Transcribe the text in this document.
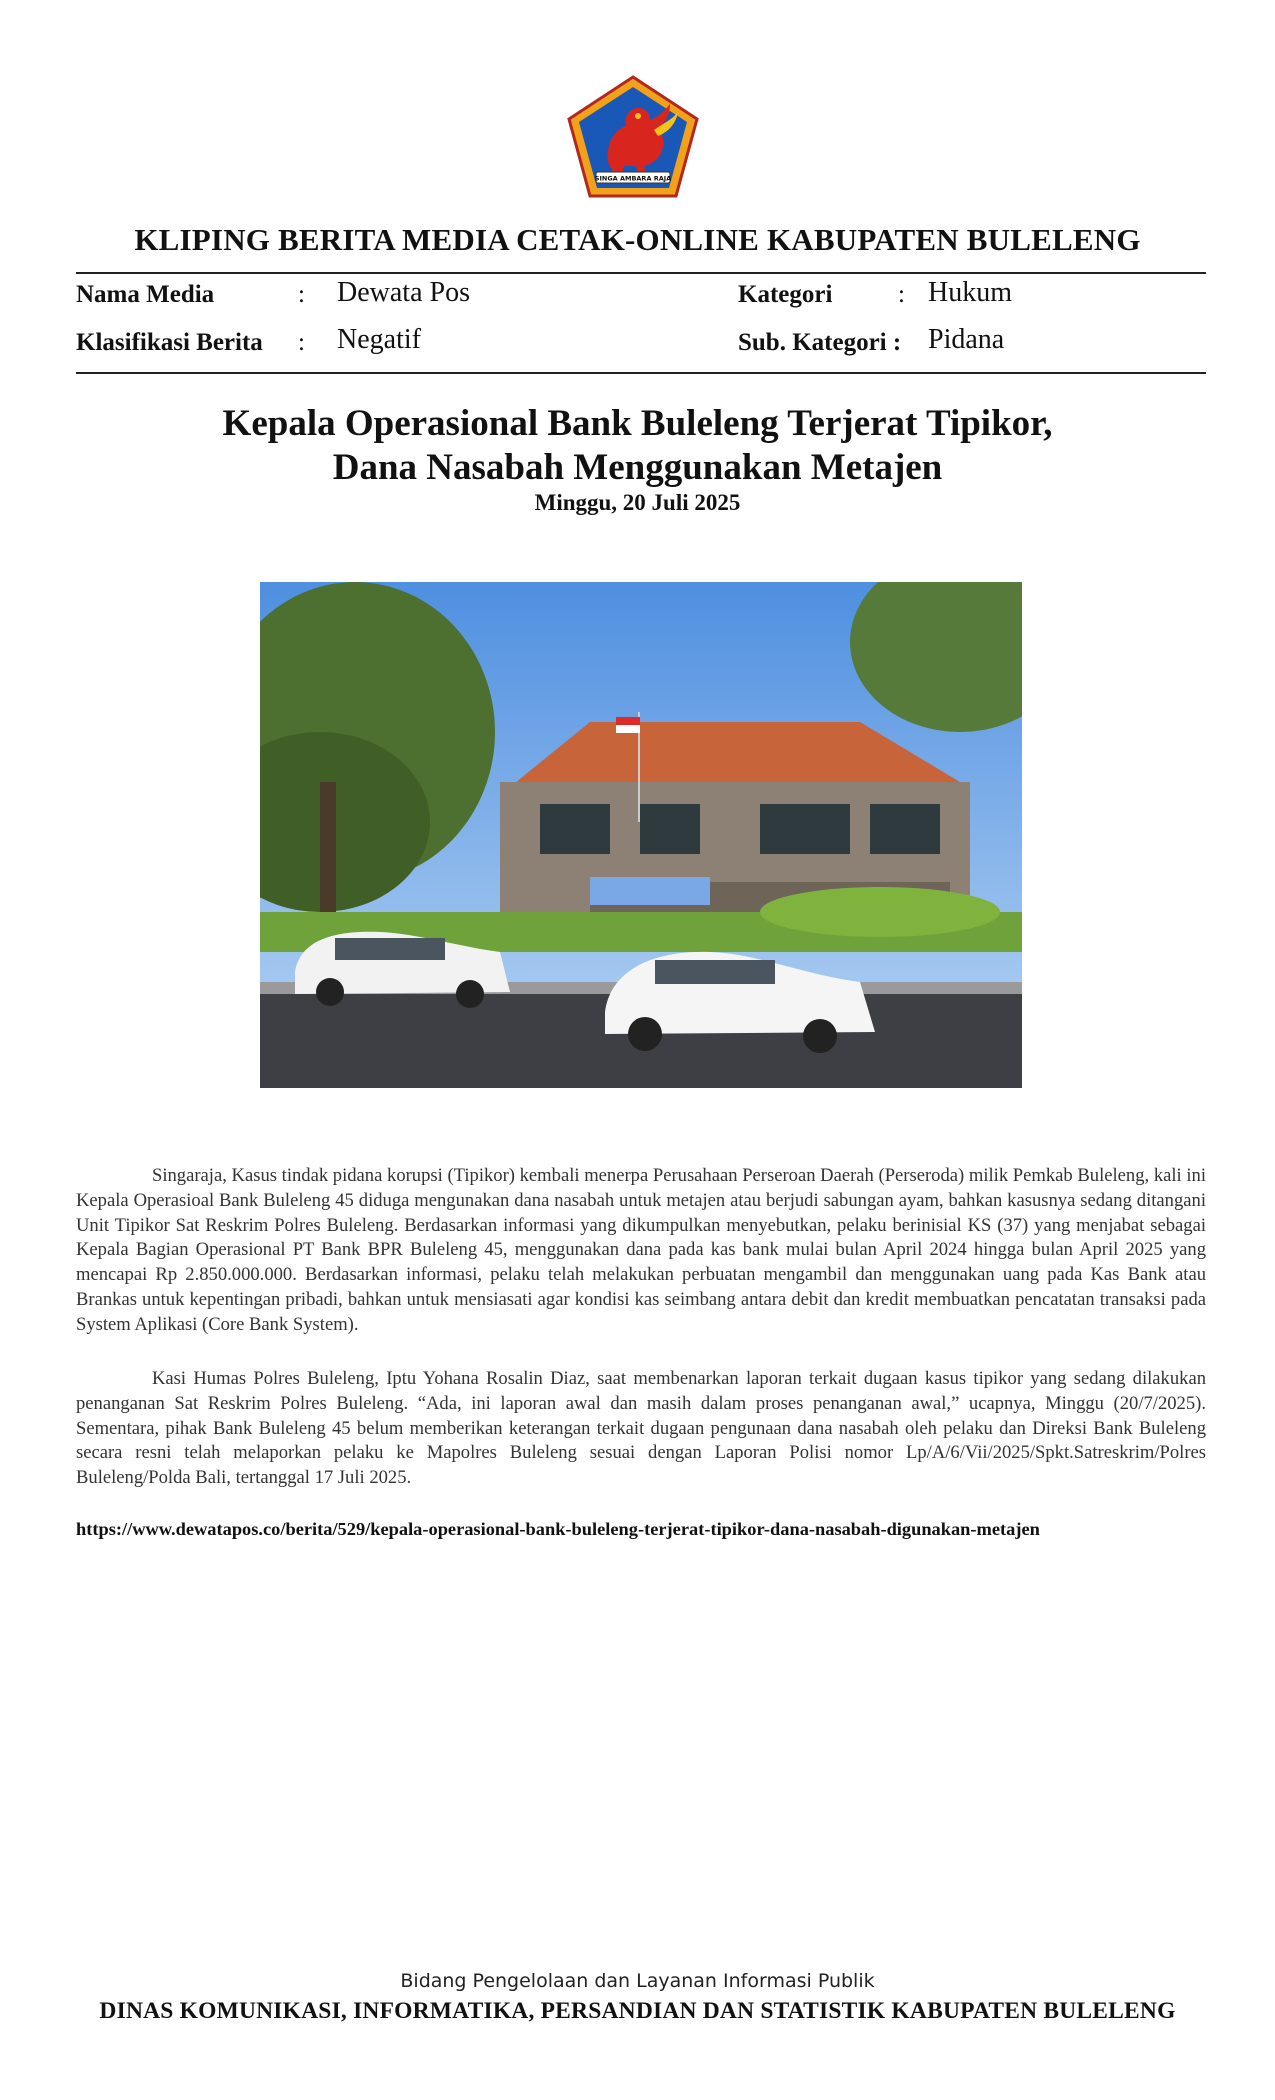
SINGA AMBARA RAJA
KLIPING BERITA MEDIA CETAK-ONLINE KABUPATEN BULELENG
Nama Media	: Dewata Pos	Kategori	: Hukum
Klasifikasi Berita : Negatif	Sub. Kategori : Pidana
Kepala Operasional Bank Buleleng Terjerat Tipikor,
Dana Nasabah Menggunakan Metajen
Minggu, 20 Juli 2025
Singaraja, Kasus tindak pidana korupsi (Tipikor) kembali menerpa Perusahaan Perseroan Daerah (Perseroda) milik Pemkab Buleleng, kali ini Kepala Operasioal Bank Buleleng 45 diduga mengunakan dana nasabah untuk metajen atau berjudi sabungan ayam, bahkan kasusnya sedang ditangani Unit Tipikor Sat Reskrim Polres Buleleng. Berdasarkan informasi yang dikumpulkan menyebutkan, pelaku berinisial KS (37) yang menjabat sebagai Kepala Bagian Operasional PT Bank BPR Buleleng 45, menggunakan dana pada kas bank mulai bulan April 2024 hingga bulan April 2025 yang mencapai Rp 2.850.000.000. Berdasarkan informasi, pelaku telah melakukan perbuatan mengambil dan menggunakan uang pada Kas Bank atau Brankas untuk kepentingan pribadi, bahkan untuk mensiasati agar kondisi kas seimbang antara debit dan kredit membuatkan pencatatan transaksi pada System Aplikasi (Core Bank System).
Kasi Humas Polres Buleleng, Iptu Yohana Rosalin Diaz, saat membenarkan laporan terkait dugaan kasus tipikor yang sedang dilakukan penanganan Sat Reskrim Polres Buleleng. “Ada, ini laporan awal dan masih dalam proses penanganan awal,” ucapnya, Minggu (20/7/2025). Sementara, pihak Bank Buleleng 45 belum memberikan keterangan terkait dugaan pengunaan dana nasabah oleh pelaku dan Direksi Bank Buleleng secara resni telah melaporkan pelaku ke Mapolres Buleleng sesuai dengan Laporan Polisi nomor Lp/A/6/Vii/2025/Spkt.Satreskrim/Polres Buleleng/Polda Bali, tertanggal 17 Juli 2025.
https://www.dewatapos.co/berita/529/kepala-operasional-bank-buleleng-terjerat-tipikor-dana-nasabah-digunakan-metajen
Bidang Pengelolaan dan Layanan Informasi Publik
DINAS KOMUNIKASI, INFORMATIKA, PERSANDIAN DAN STATISTIK KABUPATEN BULELENG
